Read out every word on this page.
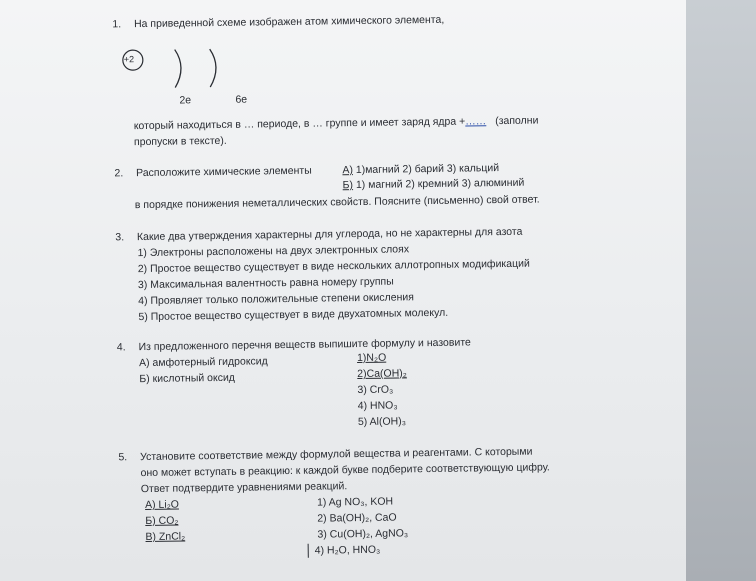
1. На приведенной схеме изображен атом химического элемента,
+2
2е	6е
который находиться в … периоде, в … группе и имеет заряд ядра +…… (заполни
пропуски в тексте).
2. Расположите химические элементы	А) 1)магний 2) барий 3) кальций
Б) 1) магний 2) кремний 3) алюминий
в порядке понижения неметаллических свойств. Поясните (письменно) свой ответ.
3. Какие два утверждения характерны для углерода, но не характерны для азота
1) Электроны расположены на двух электронных слоях
2) Простое вещество существует в виде нескольких аллотропных модификаций
3) Максимальная валентность равна номеру группы
4) Проявляет только положительные степени окисления
5) Простое вещество существует в виде двухатомных молекул.
4. Из предложенного перечня веществ выпишите формулу и назовите
А) амфотерный гидроксид
Б) кислотный оксид
1)N₂O
2)Ca(OH)₂
3) CrO₃
4) HNO₃
5) Al(OH)₃
5. Установите соответствие между формулой вещества и реагентами. С которыми
оно может вступать в реакцию: к каждой букве подберите соответствующую цифру.
Ответ подтвердите уравнениями реакций.
А) Li₂O
Б) CO₂
В) ZnCl₂
1) Ag NO₃, KOH
2) Ba(OH)₂, CaO
3) Cu(OH)₂, AgNO₃
4) H₂O, HNO₃
